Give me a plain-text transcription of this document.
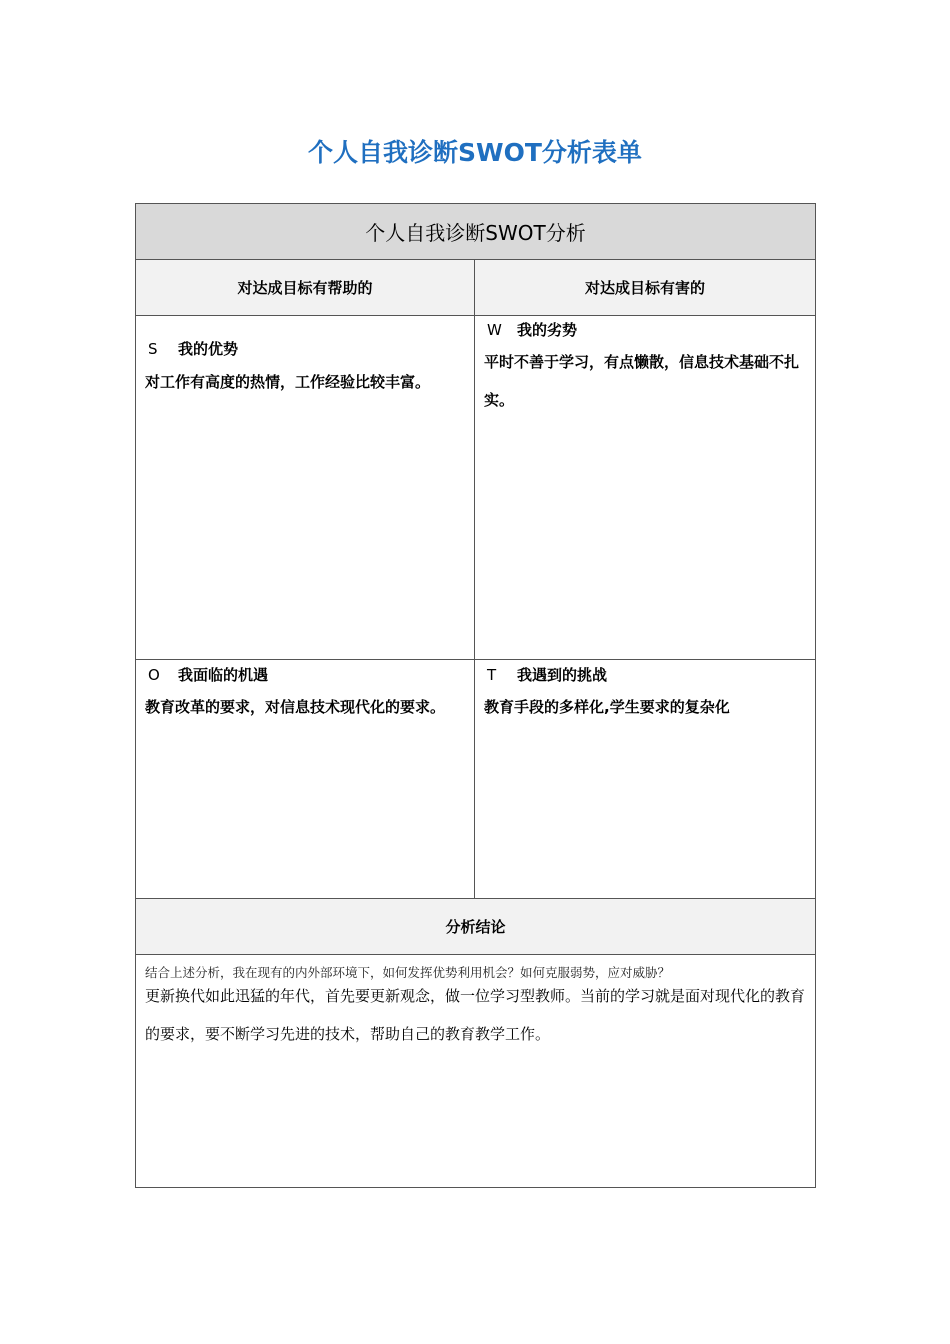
个人自我诊断SWOT分析表单
个人自我诊断SWOT分析
对达成目标有帮助的	对达成目标有害的
S 我的优势
对工作有高度的热情，工作经验比较丰富。
W 我的劣势
平时不善于学习，有点懒散，信息技术基础不扎实。
O 我面临的机遇
教育改革的要求，对信息技术现代化的要求。
T 我遇到的挑战
教育手段的多样化,学生要求的复杂化
分析结论
结合上述分析，我在现有的内外部环境下，如何发挥优势利用机会？如何克服弱势，应对威胁？
更新换代如此迅猛的年代，首先要更新观念，做一位学习型教师。当前的学习就是面对现代化的教育的要求，要不断学习先进的技术，帮助自己的教育教学工作。
